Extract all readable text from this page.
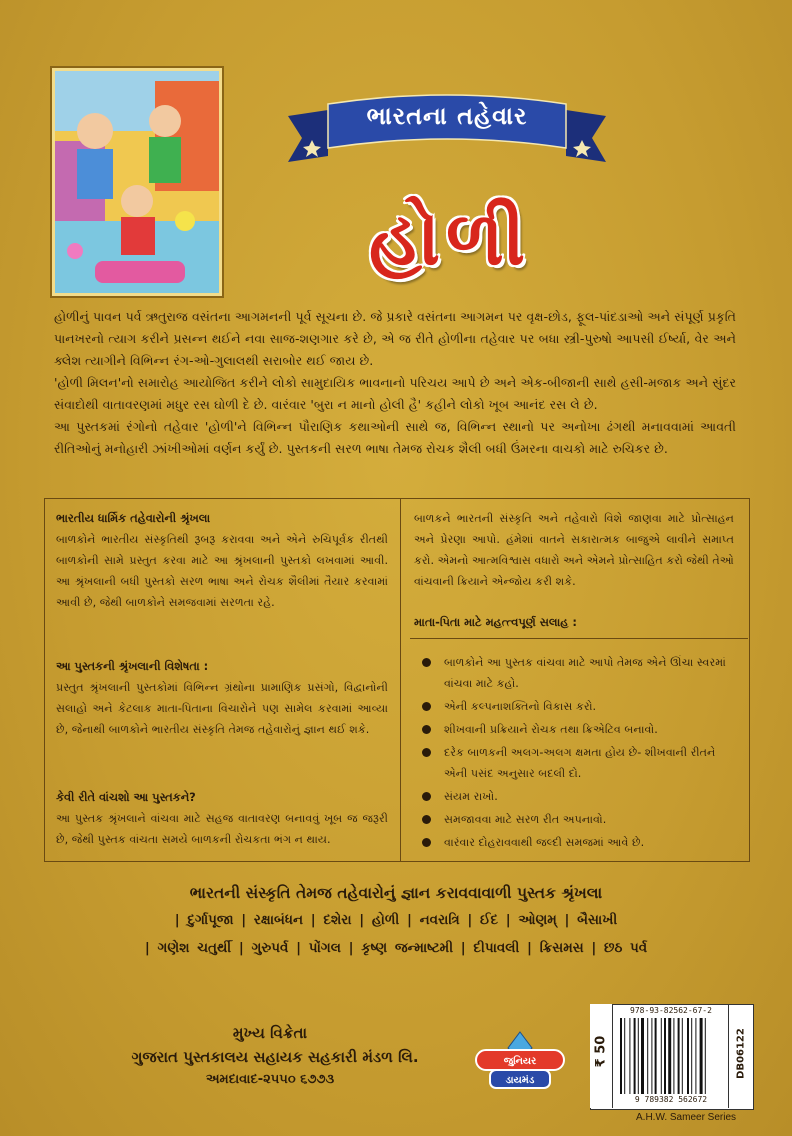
ભારતના તહેવાર
હોળી
હોળીનું પાવન પર્વ ઋતુરાજ વસંતના આગમનની પૂર્વ સૂચના છે. જે પ્રકારે વસંતના આગમન પર વૃક્ષ-છોડ, ફૂલ-પાંદડાઓ અને સંપૂર્ણ પ્રકૃતિ પાનખરનો ત્યાગ કરીને પ્રસન્ન થઈને નવા સાજ-શણગાર કરે છે, એ જ રીતે હોળીના તહેવાર પર બધા સ્ત્રી-પુરુષો આપસી ઈર્ષ્યા, વેર અને ક્લેશ ત્યાગીને વિભિન્ન રંગ-ઓ-ગુલાલથી સરાબોર થઈ જાય છે.
'હોળી મિલન'નો સમારોહ આયોજિત કરીને લોકો સામુદાયિક ભાવનાનો પરિચય આપે છે અને એક-બીજાની સાથે હસી-મજાક અને સુંદર સંવાદોથી વાતાવરણમાં મધુર રસ ઘોળી દે છે. વારંવાર 'બુરા ન માનો હોલી હૈ' કહીને લોકો ખૂબ આનંદ રસ લે છે.
આ પુસ્તકમાં રંગોનો તહેવાર 'હોળી'ને વિભિન્ન પૌરાણિક કથાઓની સાથે જ, વિભિન્ન સ્થાનો પર અનોખા ઢંગથી મનાવવામાં આવતી રીતિઓનું મનોહારી ઝાંખીઓમાં વર્ણન કર્યું છે. પુસ્તકની સરળ ભાષા તેમજ રોચક શૈલી બધી ઉંમરના વાચકો માટે રુચિકર છે.
ભારતીય ધાર્મિક તહેવારોની શ્રૃંખલા
બાળકોને ભારતીય સંસ્કૃતિથી રૂબરૂ કરાવવા અને એને રુચિપૂર્વક રીતથી બાળકોની સામે પ્રસ્તુત કરવા માટે આ શ્રૃંખલાની પુસ્તકો લખવામાં આવી. આ શ્રૃંખલાની બધી પુસ્તકો સરળ ભાષા અને રોચક શૈલીમાં તૈયાર કરવામાં આવી છે, જેથી બાળકોને સમજવામાં સરળતા રહે.
આ પુસ્તકની શ્રૃંખલાની વિશેષતા :
પ્રસ્તુત શ્રૃંખલાની પુસ્તકોમાં વિભિન્ન ગ્રંથોના પ્રામાણિક પ્રસંગો, વિદ્વાનોની સલાહો અને કેટલાક માતા-પિતાના વિચારોને પણ સામેલ કરવામાં આવ્યા છે, જેનાથી બાળકોને ભારતીય સંસ્કૃતિ તેમજ તહેવારોનું જ્ઞાન થઈ શકે.
કેવી રીતે વાંચશો આ પુસ્તકને?
આ પુસ્તક શ્રૃંખલાને વાંચવા માટે સહજ વાતાવરણ બનાવવું ખૂબ જ જરૂરી છે, જેથી પુસ્તક વાંચતા સમયે બાળકની રોચકતા ભંગ ન થાય.
બાળકને ભારતની સંસ્કૃતિ અને તહેવારો વિશે જાણવા માટે પ્રોત્સાહન અને પ્રેરણા આપો. હંમેશાં વાતને સકારાત્મક બાજુએ લાવીને સમાપ્ત કરો. એમનો આત્મવિશ્વાસ વધારો અને એમને પ્રોત્સાહિત કરો જેથી તેઓ વાંચવાની ક્રિયાને એન્જોય કરી શકે.
માતા-પિતા માટે મહત્ત્વપૂર્ણ સલાહ :
બાળકોને આ પુસ્તક વાંચવા માટે આપો તેમજ એને ઊંચા સ્વરમાં વાંચવા માટે કહો.
એની કલ્પનાશક્તિનો વિકાસ કરો.
શીખવાની પ્રક્રિયાને રોચક તથા ક્રિએટિવ બનાવો.
દરેક બાળકની અલગ-અલગ ક્ષમતા હોય છે- શીખવાની રીતને એની પસંદ અનુસાર બદલી દો.
સંયમ રાખો.
સમજાવવા માટે સરળ રીત અપનાવો.
વારંવાર દોહરાવવાથી જલ્દી સમજમાં આવે છે.
ભારતની સંસ્કૃતિ તેમજ તહેવારોનું જ્ઞાન કરાવવાવાળી પુસ્તક શ્રૃંખલા
| દુર્ગાપૂજા | રક્ષાબંધન | દશેરા | હોળી | નવરાત્રિ | ઈદ | ઓણમ્ | બૈસાખી
| ગણેશ ચતુર્થી | ગુરુપર્વ | પોંગલ | કૃષ્ણ જન્માષ્ટમી | દીપાવલી | ક્રિસમસ | છઠ પર્વ
મુખ્ય વિક્રેતા
ગુજરાત પુસ્તકાલય સહાયક સહકારી મંડળ લિ.
અમદાવાદ-૨૫૫૦ ૬૭૭૩
જુનિયર
ડાયમંડ
₹ 50
978-93-82562-67-2
9 789382 562672
DB06122
A.H.W. Sameer Series
